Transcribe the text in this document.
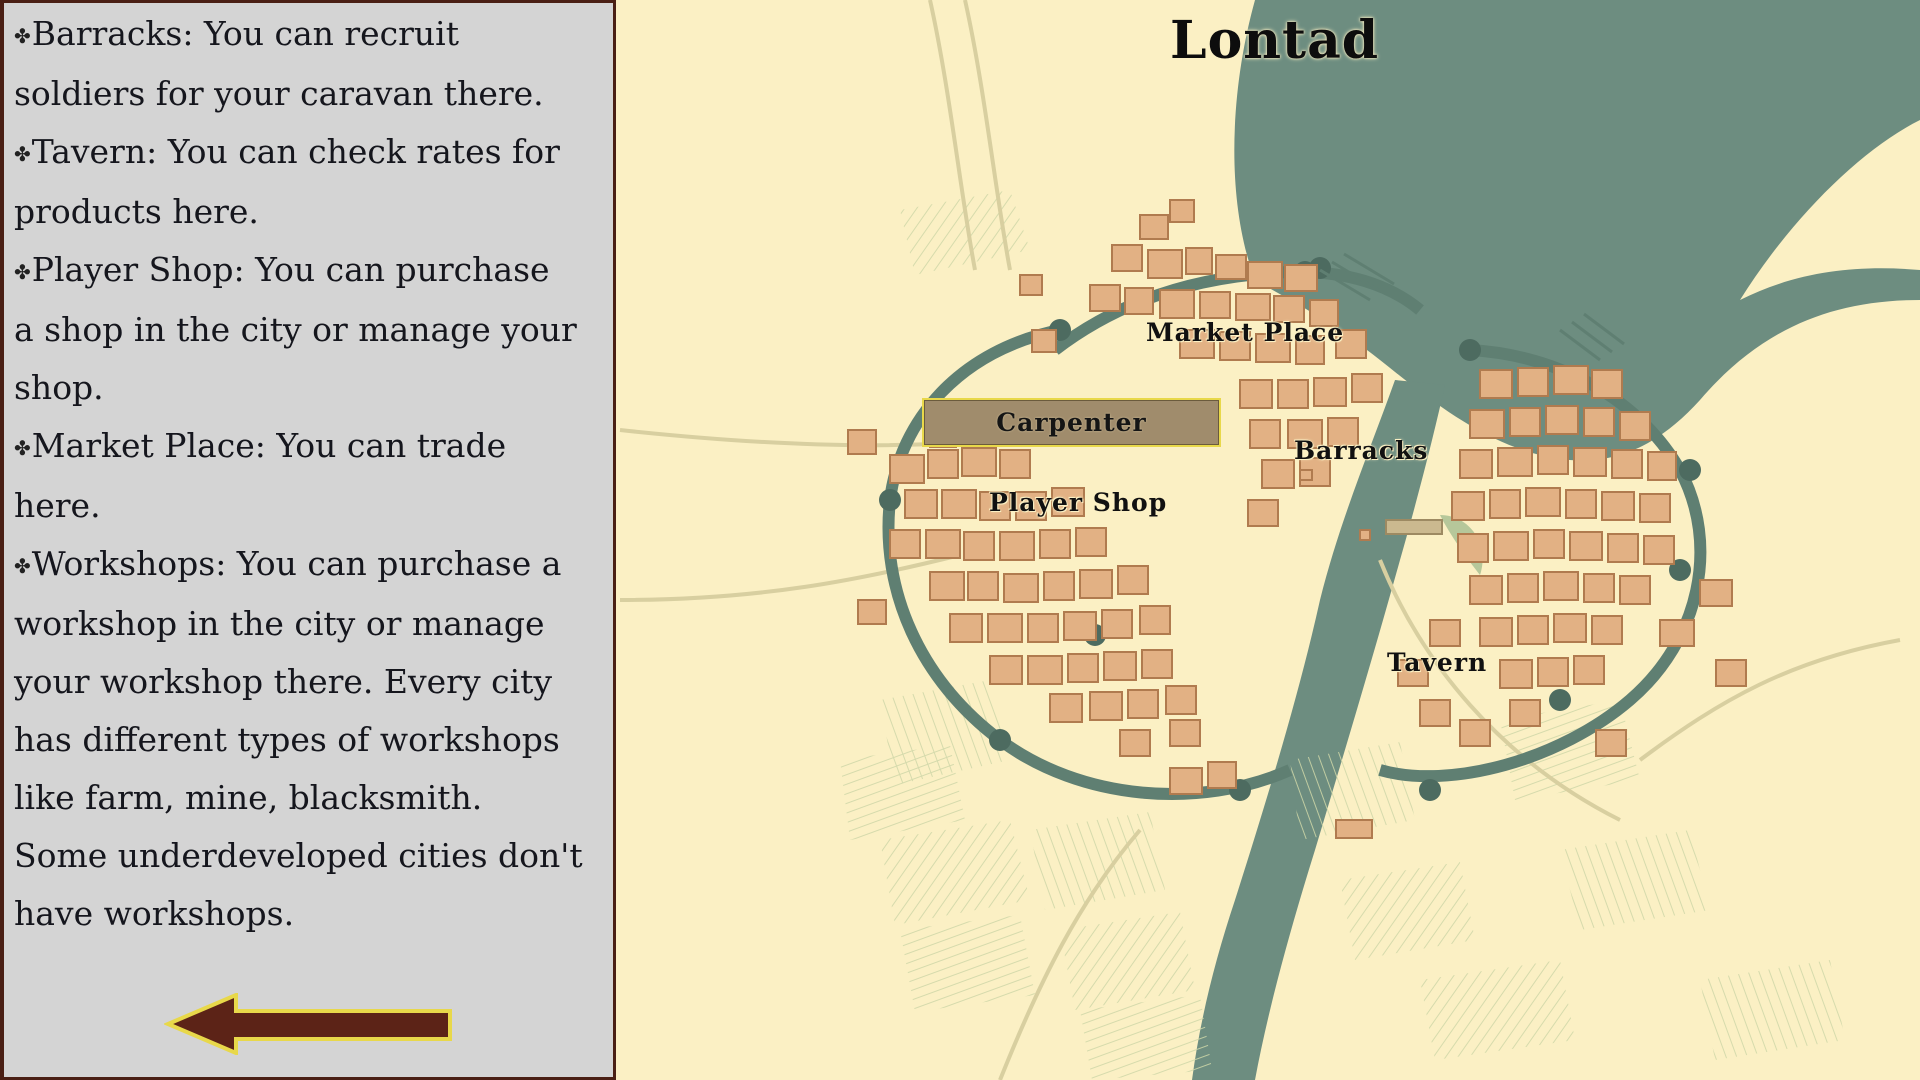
Lontad
Market Place
Barracks
Player Shop
Tavern
Carpenter

✤Barracks: You can recruit

soldiers for your caravan there.

✤Tavern: You can check rates for

products here.

✤Player Shop: You can purchase

a shop in the city or manage your

shop.

✤Market Place: You can trade

here.

✤Workshops: You can purchase a

workshop in the city or manage

your workshop there. Every city

has different types of workshops

like farm, mine, blacksmith.

Some underdeveloped cities don't

have workshops.
